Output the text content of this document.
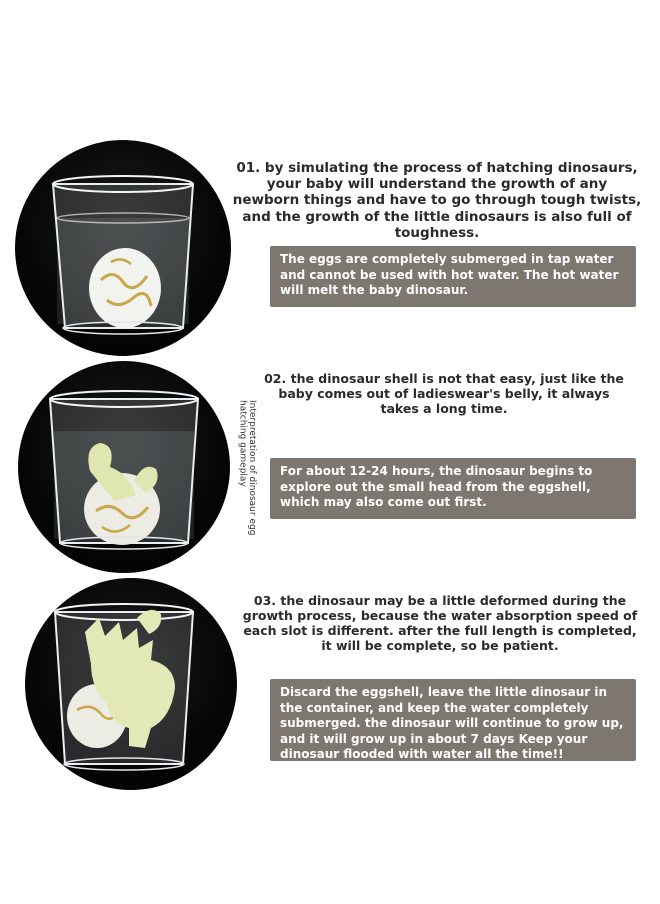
01. by simulating the process of hatching dinosaurs, your baby will understand the growth of any newborn things and have to go through tough twists, and the growth of the little dinosaurs is also full of toughness.

The eggs are completely submerged in tap water and cannot be used with hot water. The hot water will melt the baby dinosaur.

02. the dinosaur shell is not that easy, just like the baby comes out of ladieswear's belly, it always takes a long time.

For about 12-24 hours, the dinosaur begins to explore out the small head from the eggshell, which may also come out first.

03. the dinosaur may be a little deformed during the growth process, because the water absorption speed of each slot is different. after the full length is completed, it will be complete, so be patient.

Discard the eggshell, leave the little dinosaur in the container, and keep the water completely submerged. the dinosaur will continue to grow up, and it will grow up in about 7 days Keep your dinosaur flooded with water all the time!!
Interpretation of dinosaur egg
hatching gameplay
